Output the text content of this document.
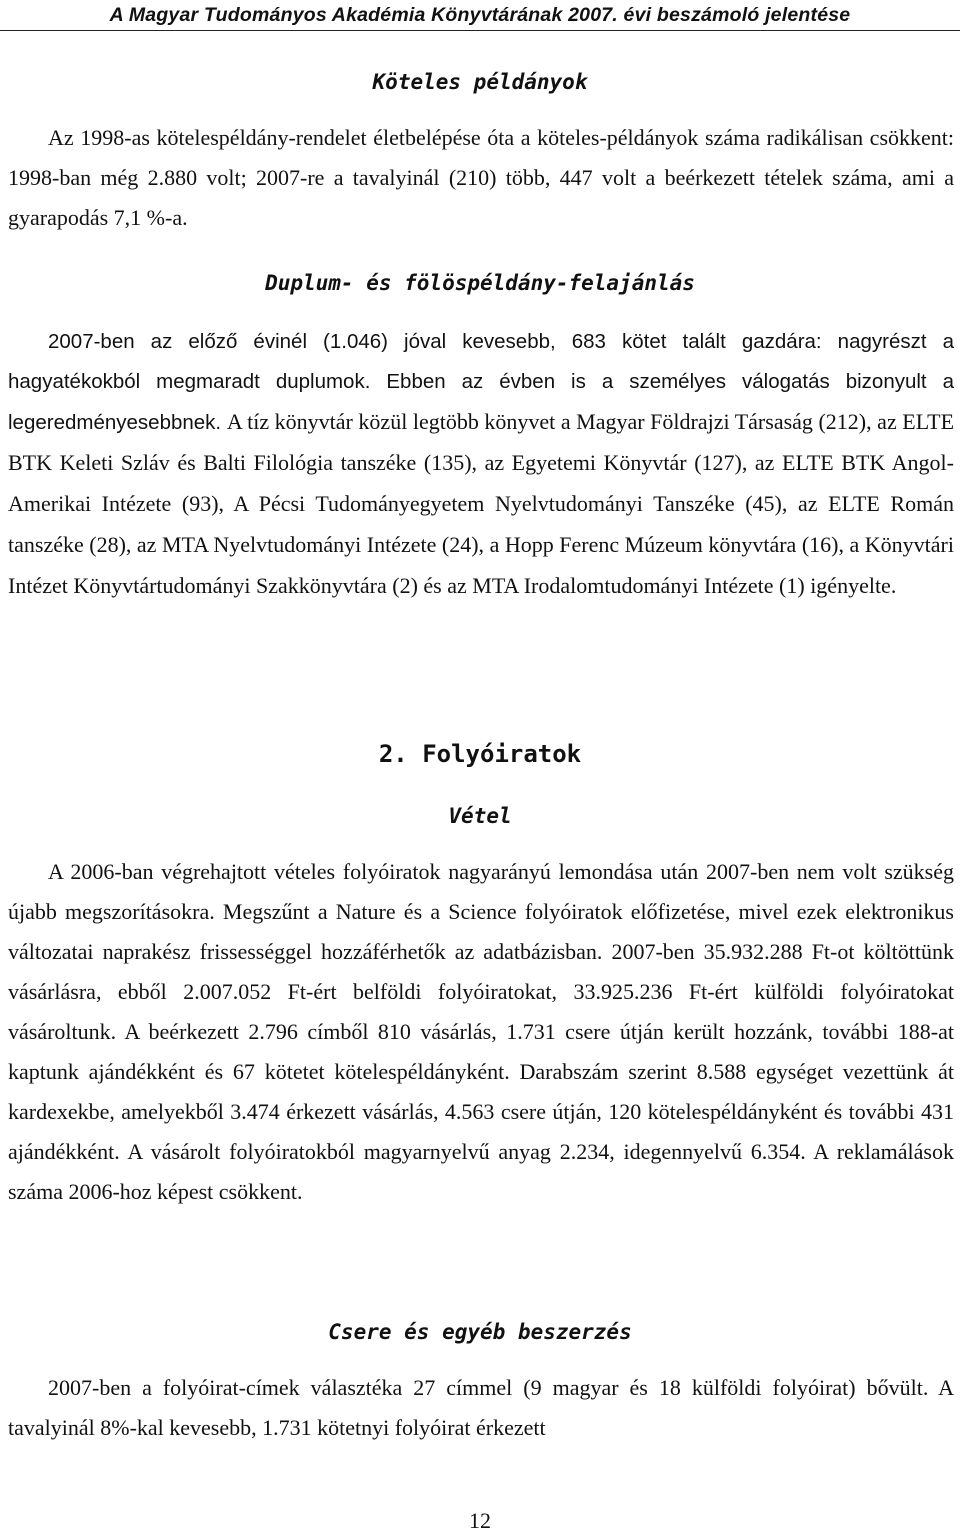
A Magyar Tudományos Akadémia Könyvtárának 2007. évi beszámoló jelentése
Köteles példányok

Az 1998-as kötelespéldány-rendelet életbelépése óta a köteles-példányok száma radikálisan csökkent: 1998-ban még 2.880 volt; 2007-re a tavalyinál (210) több, 447 volt a beérkezett tételek száma, ami a gyarapodás 7,1 %-a.

Duplum- és fölöspéldány-felajánlás
2007-ben az előző évinél (1.046) jóval kevesebb, 683 kötet talált gazdára: nagyrészt a hagyatékokból megmaradt duplumok. Ebben az évben is a személyes válogatás bizonyult a legeredményesebbnek. A tíz könyvtár közül legtöbb könyvet a Magyar Földrajzi Társaság (212), az ELTE BTK Keleti Szláv és Balti Filológia tanszéke (135), az Egyetemi Könyvtár (127), az ELTE BTK Angol-Amerikai Intézete (93), A Pécsi Tudományegyetem Nyelvtudományi Tanszéke (45), az ELTE Román tanszéke (28), az MTA Nyelvtudományi Intézete (24), a Hopp Ferenc Múzeum könyvtára (16), a Könyvtári Intézet Könyvtártudományi Szakkönyvtára (2) és az MTA Irodalomtudományi Intézete (1) igényelte.
2. Folyóiratok
Vétel

A 2006-ban végrehajtott vételes folyóiratok nagyarányú lemondása után 2007-ben nem volt szükség újabb megszorításokra. Megszűnt a Nature és a Science folyóiratok előfizetése, mivel ezek elektronikus változatai naprakész frissességgel hozzáférhetők az adatbázisban. 2007-ben 35.932.288 Ft-ot költöttünk vásárlásra, ebből 2.007.052 Ft-ért belföldi folyóiratokat, 33.925.236 Ft-ért külföldi folyóiratokat vásároltunk. A beérkezett 2.796 címből 810 vásárlás, 1.731 csere útján került hozzánk, további 188-at kaptunk ajándékként és 67 kötetet kötelespéldányként. Darabszám szerint 8.588 egységet vezettünk át kardexekbe, amelyekből 3.474 érkezett vásárlás, 4.563 csere útján, 120 kötelespéldányként és további 431 ajándékként. A vásárolt folyóiratokból magyarnyelvű anyag 2.234, idegennyelvű 6.354. A reklamálások száma 2006-hoz képest csökkent.

Csere és egyéb beszerzés

2007-ben a folyóirat-címek választéka 27 címmel (9 magyar és 18 külföldi folyóirat) bővült. A tavalyinál 8%-kal kevesebb, 1.731 kötetnyi folyóirat érkezett

12
